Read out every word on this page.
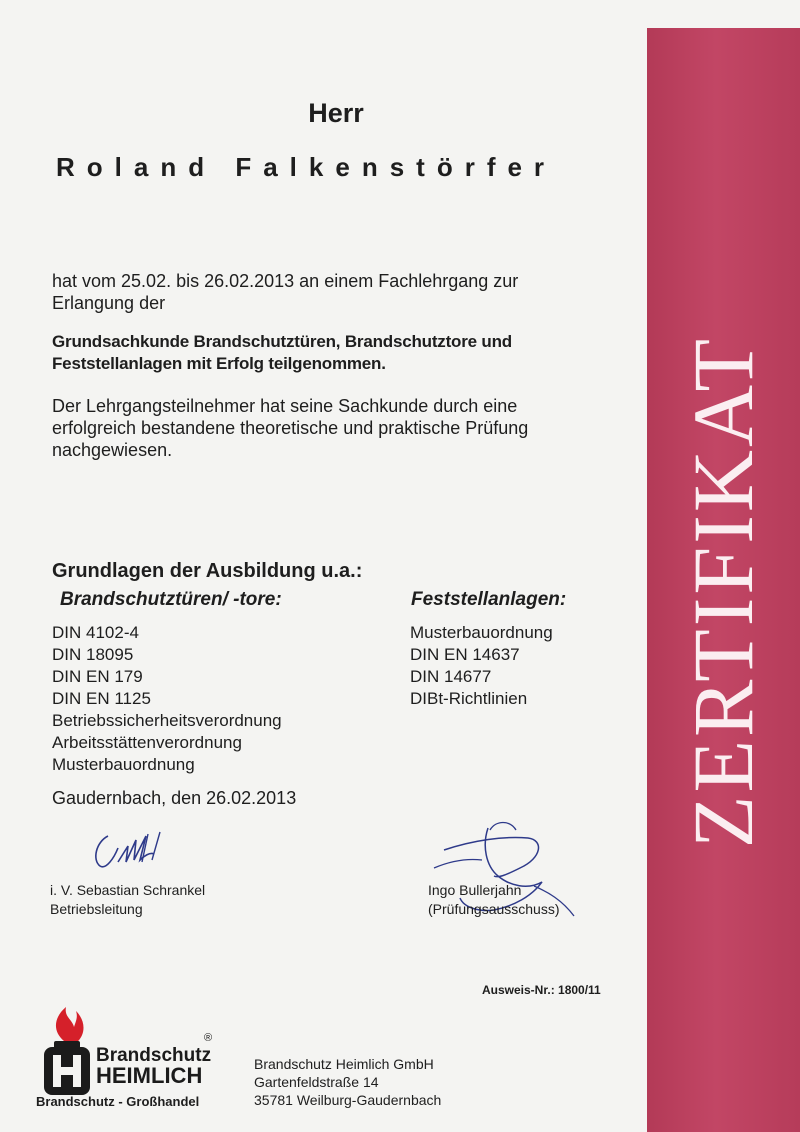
ZERTIFIKAT
Herr
Roland Falkenstörfer
hat vom 25.02. bis 26.02.2013 an einem Fachlehrgang zur
Erlangung der
Grundsachkunde Brandschutztüren, Brandschutztore und
Feststellanlagen mit Erfolg teilgenommen.
Der Lehrgangsteilnehmer hat seine Sachkunde durch eine
erfolgreich bestandene theoretische und praktische Prüfung
nachgewiesen.
Grundlagen der Ausbildung u.a.:
Brandschutztüren/ -tore:	Feststellanlagen:
DIN 4102-4
DIN 18095
DIN EN 179
DIN EN 1125
Betriebssicherheitsverordnung
Arbeitsstättenverordnung
Musterbauordnung
Musterbauordnung
DIN EN 14637
DIN 14677
DIBt-Richtlinien
Gaudernbach, den 26.02.2013
i. V. Sebastian Schrankel
Betriebsleitung
Ingo Bullerjahn
(Prüfungsausschuss)
Ausweis-Nr.: 1800/11
Brandschutz
®
HEIMLICH
Brandschutz - Großhandel
Brandschutz Heimlich GmbH
Gartenfeldstraße 14
35781 Weilburg-Gaudernbach
